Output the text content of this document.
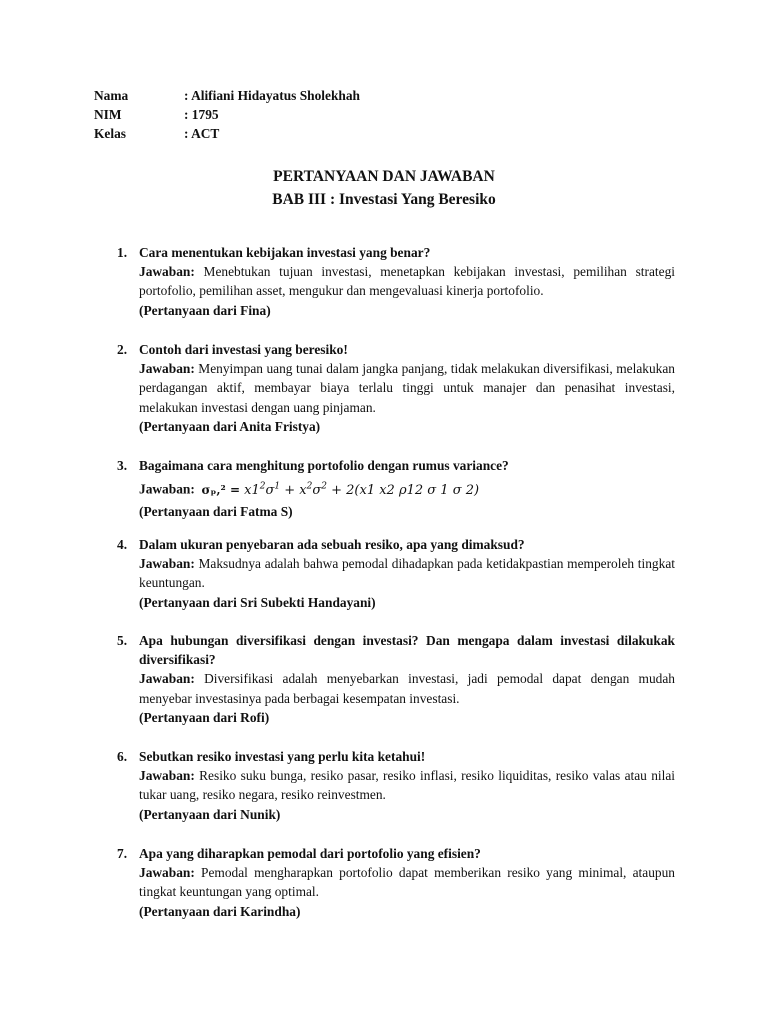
Nama	: Alifiani Hidayatus Sholekhah
NIM	: 1795
Kelas	: ACT
PERTANYAAN DAN JAWABAN
BAB III : Investasi Yang Beresiko
1. Cara menentukan kebijakan investasi yang benar?
Jawaban: Menebtukan tujuan investasi, menetapkan kebijakan investasi, pemilihan strategi portofolio, pemilihan asset, mengukur dan mengevaluasi kinerja portofolio.
(Pertanyaan dari Fina)
2. Contoh dari investasi yang beresiko!
Jawaban: Menyimpan uang tunai dalam jangka panjang, tidak melakukan diversifikasi, melakukan perdagangan aktif, membayar biaya terlalu tinggi untuk manajer dan penasihat investasi, melakukan investasi dengan uang pinjaman.
(Pertanyaan dari Anita Fristya)
3. Bagaimana cara menghitung portofolio dengan rumus variance?
Jawaban: $\sigma_p,^2 = x1^2\sigma^1 + x^2\sigma^2 + 2(x1$ x2 ρ12 σ 1 σ 2)
(Pertanyaan dari Fatma S)
4. Dalam ukuran penyebaran ada sebuah resiko, apa yang dimaksud?
Jawaban: Maksudnya adalah bahwa pemodal dihadapkan pada ketidakpastian memperoleh tingkat keuntungan.
(Pertanyaan dari Sri Subekti Handayani)
5. Apa hubungan diversifikasi dengan investasi? Dan mengapa dalam investasi dilakukak diversifikasi?
Jawaban: Diversifikasi adalah menyebarkan investasi, jadi pemodal dapat dengan mudah menyebar investasinya pada berbagai kesempatan investasi.
(Pertanyaan dari Rofi)
6. Sebutkan resiko investasi yang perlu kita ketahui!
Jawaban: Resiko suku bunga, resiko pasar, resiko inflasi, resiko liquiditas, resiko valas atau nilai tukar uang, resiko negara, resiko reinvestmen.
(Pertanyaan dari Nunik)
7. Apa yang diharapkan pemodal dari portofolio yang efisien?
Jawaban: Pemodal mengharapkan portofolio dapat memberikan resiko yang minimal, ataupun tingkat keuntungan yang optimal.
(Pertanyaan dari Karindha)
